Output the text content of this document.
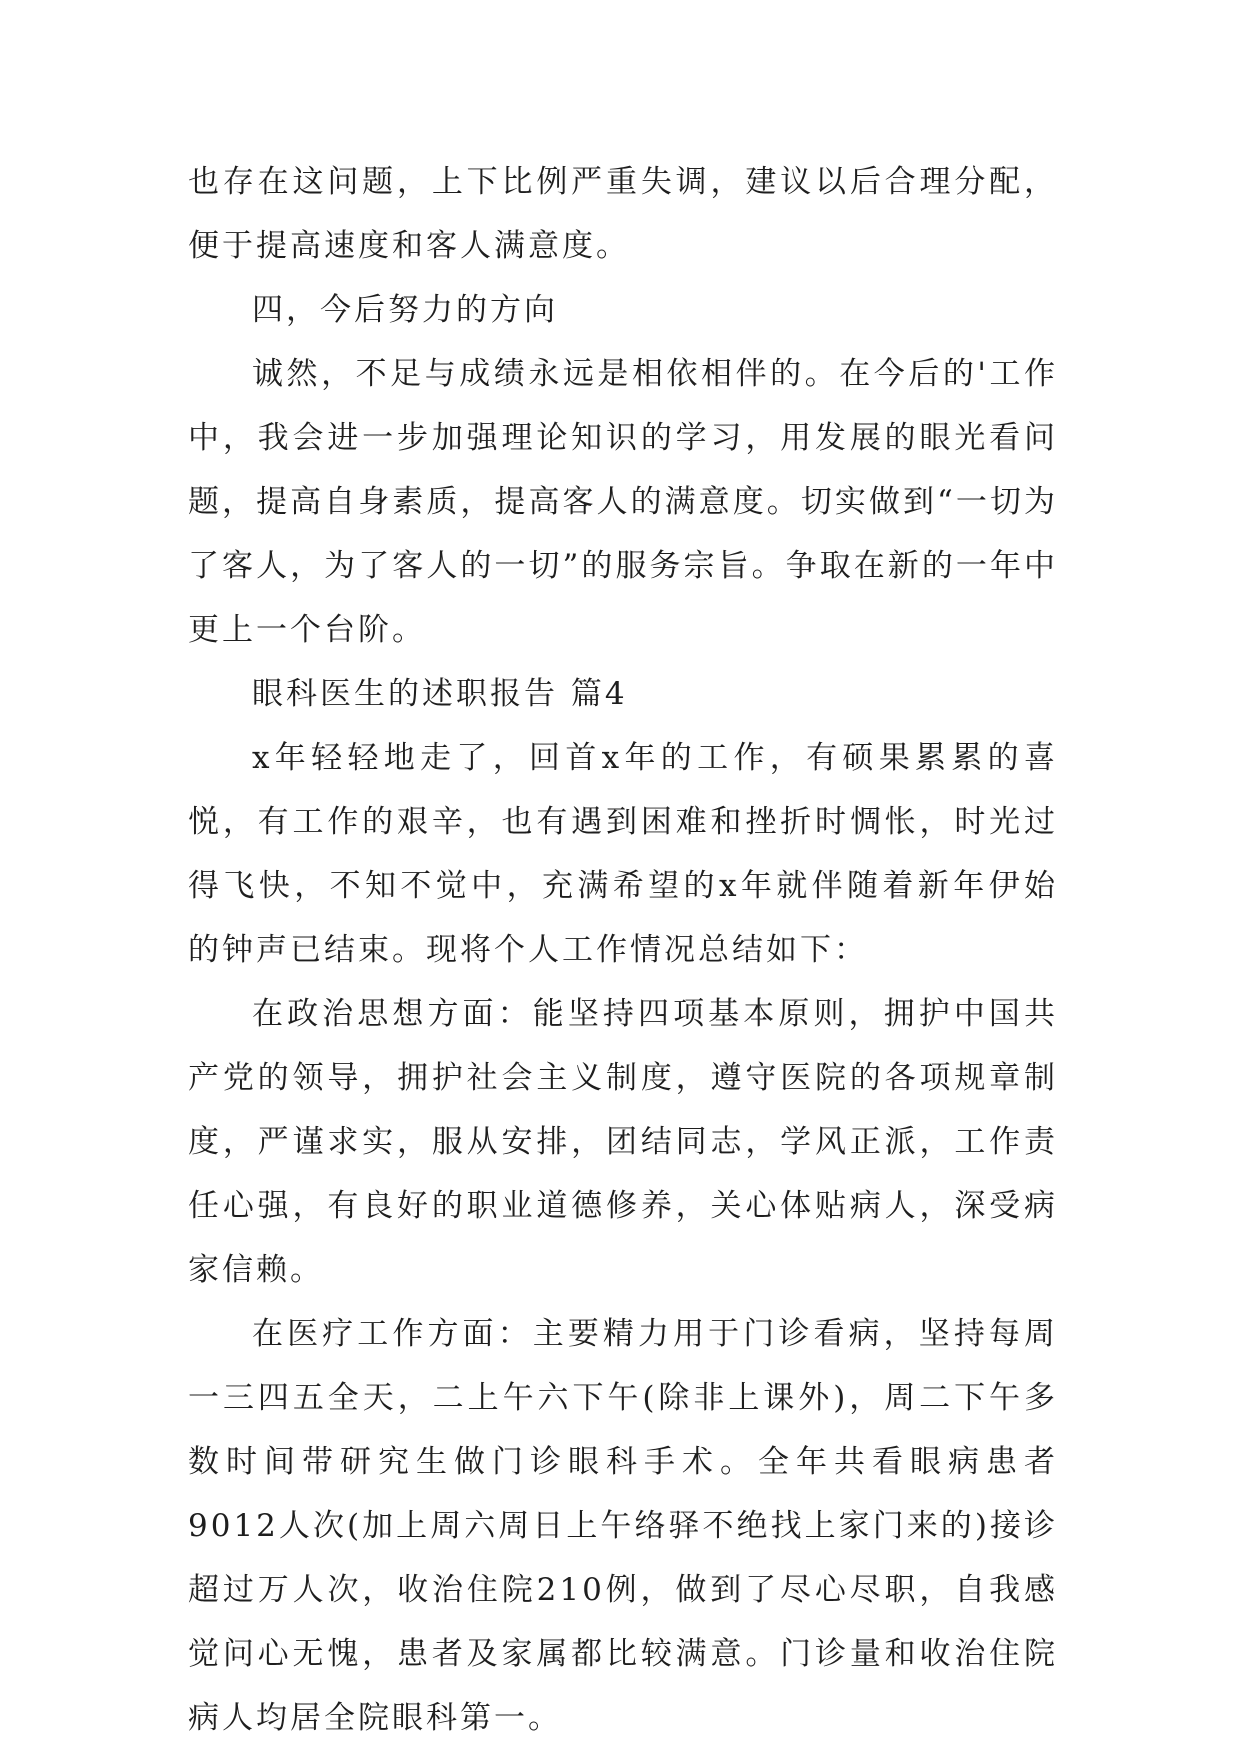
也存在这问题，上下比例严重失调，建议以后合理分配，便于提高速度和客人满意度。

四，今后努力的方向

诚然，不足与成绩永远是相依相伴的。在今后的'工作中，我会进一步加强理论知识的学习，用发展的眼光看问题，提高自身素质，提高客人的满意度。切实做到“一切为了客人，为了客人的一切”的服务宗旨。争取在新的一年中更上一个台阶。

眼科医生的述职报告 篇4

x年轻轻地走了，回首x年的工作，有硕果累累的喜悦，有工作的艰辛，也有遇到困难和挫折时惆怅，时光过得飞快，不知不觉中，充满希望的x年就伴随着新年伊始的钟声已结束。现将个人工作情况总结如下：

在政治思想方面：能坚持四项基本原则，拥护中国共产党的领导，拥护社会主义制度，遵守医院的各项规章制度，严谨求实，服从安排，团结同志，学风正派，工作责任心强，有良好的职业道德修养，关心体贴病人，深受病家信赖。

在医疗工作方面：主要精力用于门诊看病，坚持每周一三四五全天，二上午六下午(除非上课外)，周二下午多数时间带研究生做门诊眼科手术。全年共看眼病患者9012人次(加上周六周日上午络驿不绝找上家门来的)接诊超过万人次，收治住院210例，做到了尽心尽职，自我感觉问心无愧，患者及家属都比较满意。门诊量和收治住院病人均居全院眼科第一。
